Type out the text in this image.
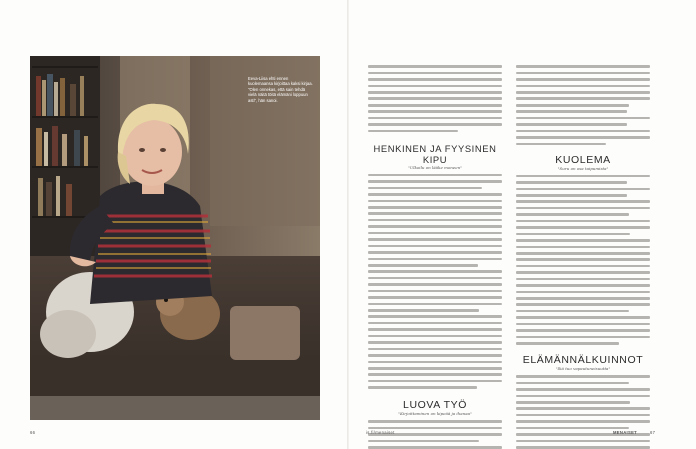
Eeva-Liisa ehti ennen kuolemaansa kirjoittaa kaksi kirjaa. "Olen onnekas, että sain tehdä vielä näitä töitä elämäni loppuun asti", hän sanoi.
HENKINEN JA FYYSINEN KIPU
"Ulkoilu on lääke moneen"
LUOVA TYÖ
"Kirjoittaminen on kipeää ja ihanaa"
KUOLEMA
"Suru on osa taipumista"
ELÄMÄNNÄLKUINNOT
"Ikä tuo vapautuneisuutta"
66	is.fi/menaiset	MENAISET	67
